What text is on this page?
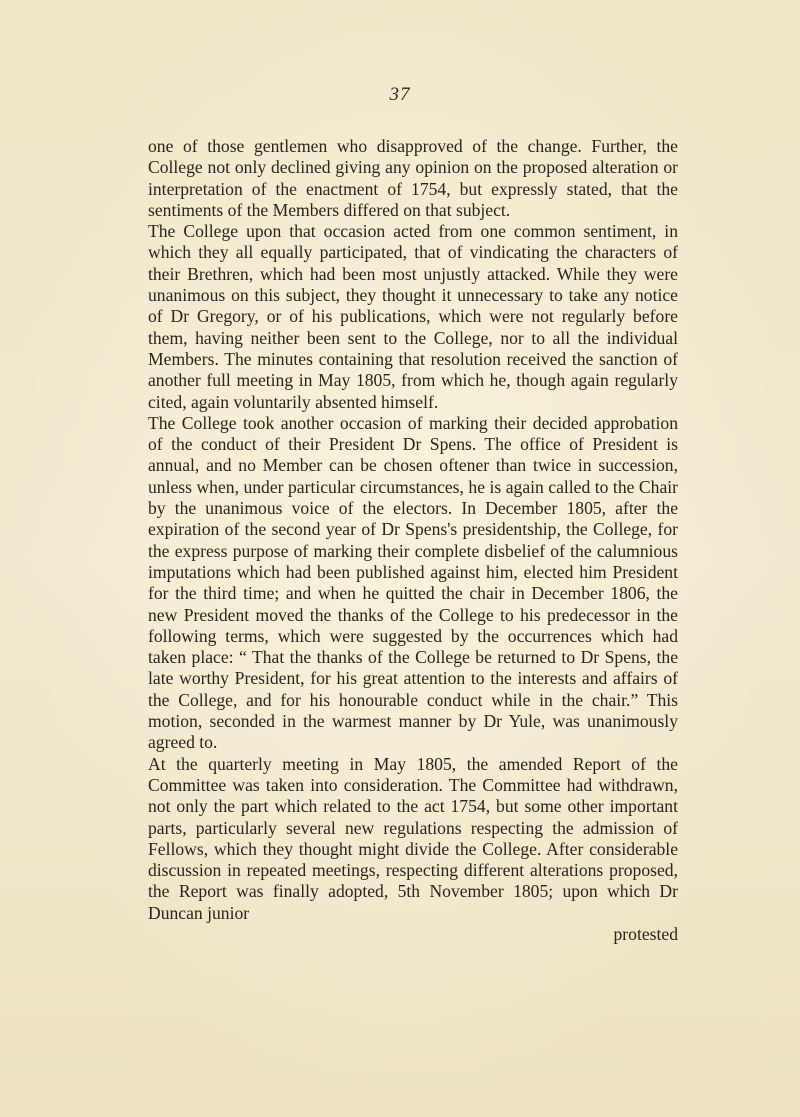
37

one of those gentlemen who disapproved of the change. Further, the College not only declined giving any opinion on the proposed alteration or interpretation of the enactment of 1754, but expressly stated, that the sentiments of the Members differed on that subject.

The College upon that occasion acted from one common sentiment, in which they all equally participated, that of vindicating the characters of their Brethren, which had been most unjustly attacked. While they were unanimous on this subject, they thought it unnecessary to take any notice of Dr Gregory, or of his publications, which were not regularly before them, having neither been sent to the College, nor to all the individual Members. The minutes containing that resolution received the sanction of another full meeting in May 1805, from which he, though again regularly cited, again voluntarily absented himself.

The College took another occasion of marking their decided approbation of the conduct of their President Dr Spens. The office of President is annual, and no Member can be chosen oftener than twice in succession, unless when, under particular circumstances, he is again called to the Chair by the unanimous voice of the electors. In December 1805, after the expiration of the second year of Dr Spens's presidentship, the College, for the express purpose of marking their complete disbelief of the calumnious imputations which had been published against him, elected him President for the third time; and when he quitted the chair in December 1806, the new President moved the thanks of the College to his predecessor in the following terms, which were suggested by the occurrences which had taken place: “ That the thanks of the College be returned to Dr Spens, the late worthy President, for his great attention to the interests and affairs of the College, and for his honourable conduct while in the chair.” This motion, seconded in the warmest manner by Dr Yule, was unanimously agreed to.

At the quarterly meeting in May 1805, the amended Report of the Committee was taken into consideration. The Committee had withdrawn, not only the part which related to the act 1754, but some other important parts, particularly several new regulations respecting the admission of Fellows, which they thought might divide the College. After considerable discussion in repeated meetings, respecting different alterations proposed, the Report was finally adopted, 5th November 1805; upon which Dr Duncan junior

protested
